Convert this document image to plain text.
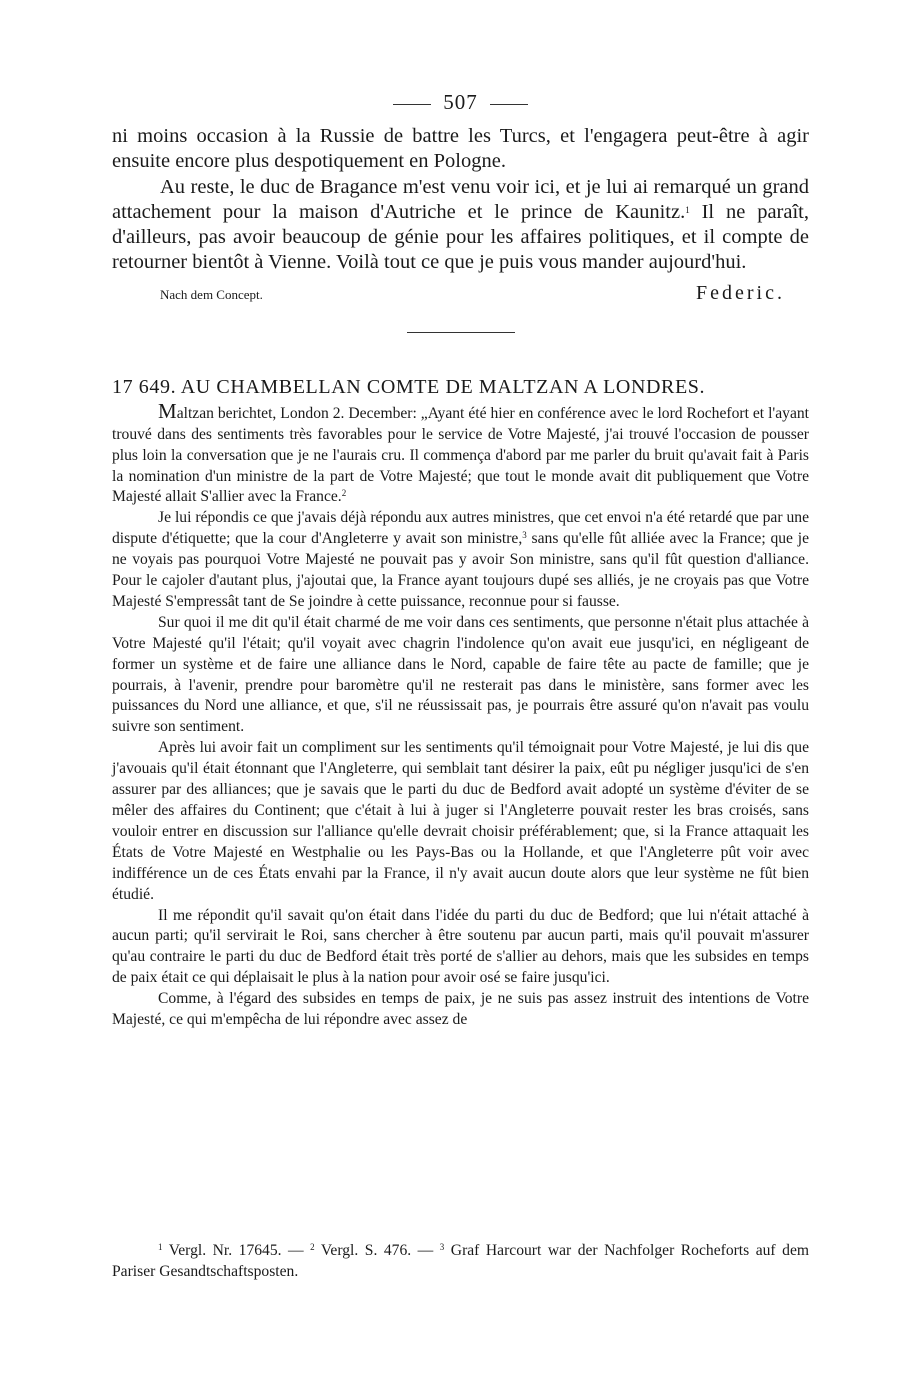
507

ni moins occasion à la Russie de battre les Turcs, et l'engagera peut-être à agir ensuite encore plus despotiquement en Pologne.

Au reste, le duc de Bragance m'est venu voir ici, et je lui ai remarqué un grand attachement pour la maison d'Autriche et le prince de Kaunitz.$^1$ Il ne paraît, d'ailleurs, pas avoir beaucoup de génie pour les affaires politiques, et il compte de retourner bientôt à Vienne. Voilà tout ce que je puis vous mander aujourd'hui.

Nach dem Concept.	Federic.
17 649. AU CHAMBELLAN COMTE DE MALTZAN A LONDRES.

Maltzan berichtet, London 2. December: „Ayant été hier en conférence avec le lord Rochefort et l'ayant trouvé dans des sentiments très favorables pour le service de Votre Majesté, j'ai trouvé l'occasion de pousser plus loin la conversation que je ne l'aurais cru. Il commença d'abord par me parler du bruit qu'avait fait à Paris la nomination d'un ministre de la part de Votre Majesté; que tout le monde avait dit publiquement que Votre Majesté allait S'allier avec la France.$^2$

Je lui répondis ce que j'avais déjà répondu aux autres ministres, que cet envoi n'a été retardé que par une dispute d'étiquette; que la cour d'Angleterre y avait son ministre,$^3$ sans qu'elle fût alliée avec la France; que je ne voyais pas pourquoi Votre Majesté ne pouvait pas y avoir Son ministre, sans qu'il fût question d'alliance. Pour le cajoler d'autant plus, j'ajoutai que, la France ayant toujours dupé ses alliés, je ne croyais pas que Votre Majesté S'empressât tant de Se joindre à cette puissance, reconnue pour si fausse.

Sur quoi il me dit qu'il était charmé de me voir dans ces sentiments, que personne n'était plus attachée à Votre Majesté qu'il l'était; qu'il voyait avec chagrin l'indolence qu'on avait eue jusqu'ici, en négligeant de former un système et de faire une alliance dans le Nord, capable de faire tête au pacte de famille; que je pourrais, à l'avenir, prendre pour baromètre qu'il ne resterait pas dans le ministère, sans former avec les puissances du Nord une alliance, et que, s'il ne réussissait pas, je pourrais être assuré qu'on n'avait pas voulu suivre son sentiment.

Après lui avoir fait un compliment sur les sentiments qu'il témoignait pour Votre Majesté, je lui dis que j'avouais qu'il était étonnant que l'Angleterre, qui semblait tant désirer la paix, eût pu négliger jusqu'ici de s'en assurer par des alliances; que je savais que le parti du duc de Bedford avait adopté un système d'éviter de se mêler des affaires du Continent; que c'était à lui à juger si l'Angleterre pouvait rester les bras croisés, sans vouloir entrer en discussion sur l'alliance qu'elle devrait choisir préférablement; que, si la France attaquait les États de Votre Majesté en Westphalie ou les Pays-Bas ou la Hollande, et que l'Angleterre pût voir avec indifférence un de ces États envahi par la France, il n'y avait aucun doute alors que leur système ne fût bien étudié.

Il me répondit qu'il savait qu'on était dans l'idée du parti du duc de Bedford; que lui n'était attaché à aucun parti; qu'il servirait le Roi, sans chercher à être soutenu par aucun parti, mais qu'il pouvait m'assurer qu'au contraire le parti du duc de Bedford était très porté de s'allier au dehors, mais que les subsides en temps de paix était ce qui déplaisait le plus à la nation pour avoir osé se faire jusqu'ici.

Comme, à l'égard des subsides en temps de paix, je ne suis pas assez instruit des intentions de Votre Majesté, ce qui m'empêcha de lui répondre avec assez de

$^1$ Vergl. Nr. 17645. — $^2$ Vergl. S. 476. — $^3$ Graf Harcourt war der Nachfolger Rocheforts auf dem Pariser Gesandtschaftsposten.
